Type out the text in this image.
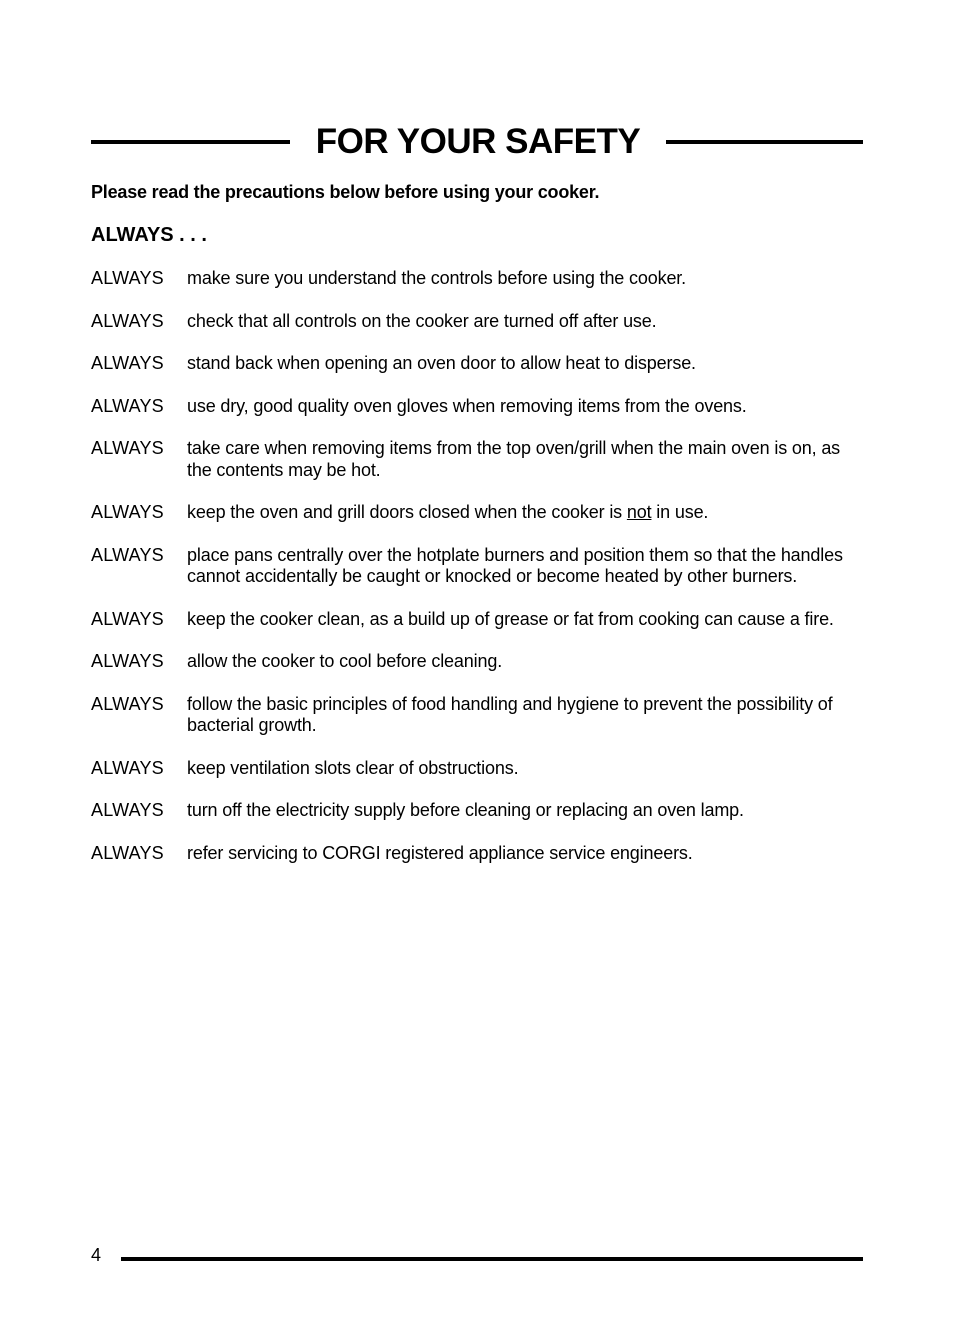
FOR YOUR SAFETY
Please read the precautions below before using your cooker.
ALWAYS . . .
ALWAYS	make sure you understand the controls before using the cooker.
ALWAYS	check that all controls on the cooker are turned off after use.
ALWAYS	stand back when opening an oven door to allow heat to disperse.
ALWAYS	use dry, good quality oven gloves when removing items from the ovens.
ALWAYS	take care when removing items from the top oven/grill when the main oven is on, as the contents may be hot.
ALWAYS	keep the oven and grill doors closed when the cooker is not in use.
ALWAYS	place pans centrally over the hotplate burners and position them so that the handles cannot accidentally be caught or knocked or become heated by other burners.
ALWAYS	keep the cooker clean, as a build up of grease or fat from cooking can cause a fire.
ALWAYS	allow the cooker to cool before cleaning.
ALWAYS	follow the basic principles of food handling and hygiene to prevent the possibility of bacterial growth.
ALWAYS	keep ventilation slots clear of obstructions.
ALWAYS	turn off the electricity supply before cleaning or replacing an oven lamp.
ALWAYS	refer servicing to CORGI registered appliance service engineers.
4
